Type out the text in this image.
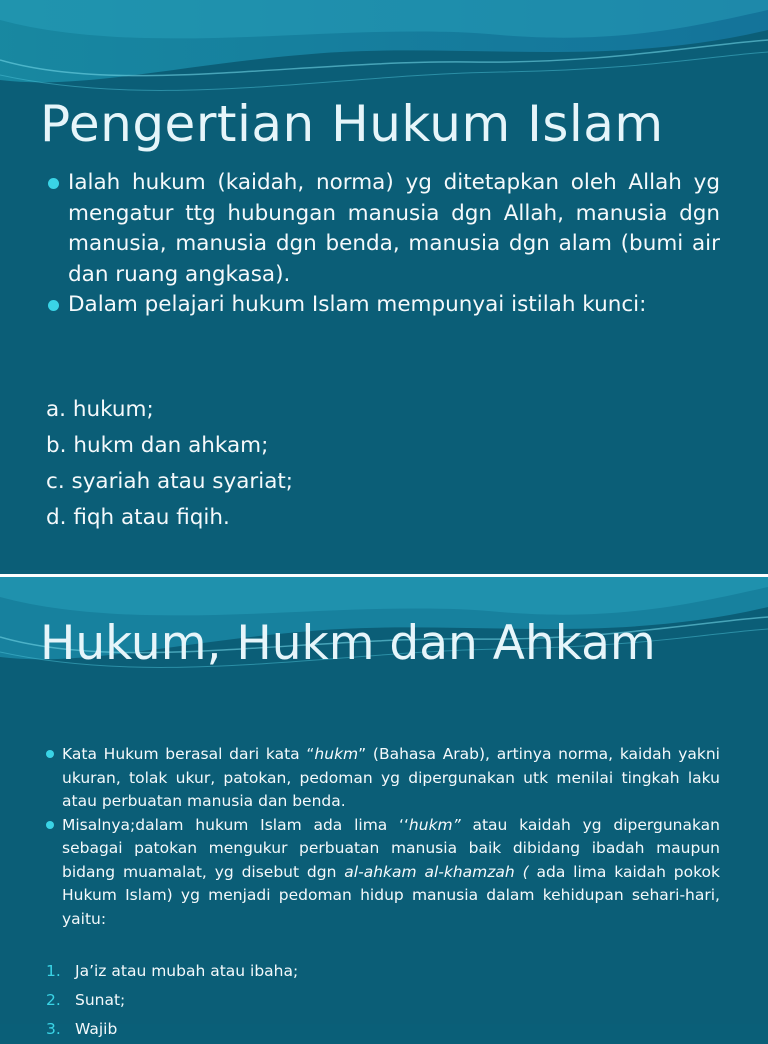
Pengertian Hukum Islam
Ialah hukum (kaidah, norma) yg ditetapkan oleh Allah yg mengatur ttg hubungan manusia dgn Allah, manusia dgn manusia, manusia dgn benda, manusia dgn alam (bumi air dan ruang angkasa).
Dalam pelajari hukum Islam mempunyai istilah kunci:
a. hukum;
b. hukm dan ahkam;
c. syariah atau syariat;
d. fiqh atau fiqih.
Hukum, Hukm dan Ahkam
Kata Hukum berasal dari kata “hukm” (Bahasa Arab), artinya norma, kaidah yakni ukuran, tolak ukur, patokan, pedoman yg dipergunakan utk menilai tingkah laku atau perbuatan manusia dan benda.
Misalnya;dalam hukum Islam ada lima ‘‘hukm” atau kaidah yg dipergunakan sebagai patokan mengukur perbuatan manusia baik dibidang ibadah maupun bidang muamalat, yg disebut dgn al-ahkam al-khamzah ( ada lima kaidah pokok Hukum Islam) yg menjadi pedoman hidup manusia dalam kehidupan sehari-hari, yaitu:
1. Ja’iz atau mubah atau ibaha;
2. Sunat;
3. Wajib
